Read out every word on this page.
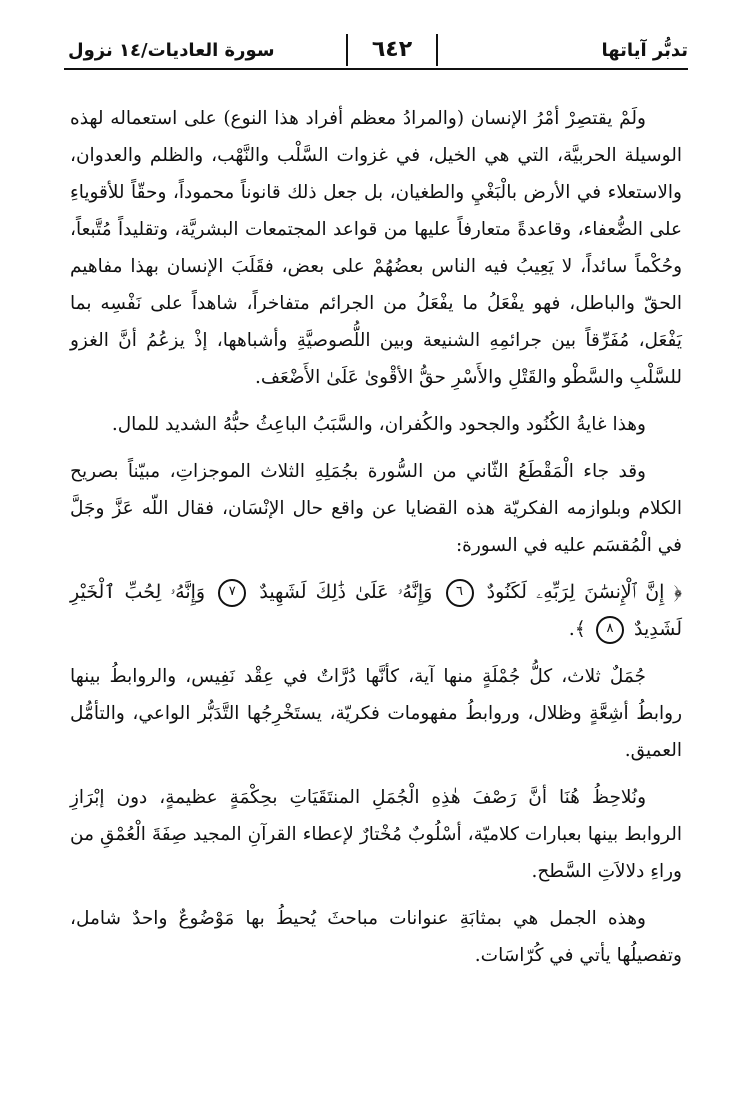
تدبُّر آياتها
٦٤٢
سورة العاديات/١٤ نزول

ولَمْ يقتصِرْ أمْرُ الإنسان (والمرادُ معظم أفراد هذا النوع) على استعماله لهذه الوسيلة الحربيَّة، التي هي الخيل، في غزوات السَّلْب والنَّهْب، والظلم والعدوان، والاستعلاء في الأرض بالْبَغْيِ والطغيان، بل جعل ذلك قانوناً محموداً، وحقّاً للأقوياءِ على الضُّعفاء، وقاعدةً متعارفاً عليها من قواعد المجتمعات البشريَّة، وتقليداً مُتَّبعاً، وحُكْماً سائداً، لا يَعِيبُ فيه الناس بعضُهُمْ على بعض، فقَلَبَ الإنسان بهذا مفاهيم الحقّ والباطل، فهو يفْعَلُ ما يفْعَلُ من الجرائم متفاخراً، شاهداً على نَفْسِه بما يَفْعَل، مُفَرِّقاً بين جرائمِهِ الشنيعة وبين اللُّصوصيَّةِ وأشباهها، إذْ يزعُمُ أنَّ الغزو للسَّلْبِ والسَّطْو والقَتْلِ والأَسْرِ حقُّ الأقْوىٰ عَلَىٰ الأَضْعَف.

وهذا غايةُ الكُنُود والجحود والكُفران، والسَّبَبُ الباعِثُ حبُّهُ الشديد للمال.

وقد جاء الْمَقْطَعُ الثّاني من السُّورة بجُمَلِهِ الثلاث الموجزاتِ، مبيّناً بصريح الكلام وبلوازمه الفكريّة هذه القضايا عن واقع حال الإنْسَان، فقال اللّه عَزَّ وجَلَّ في الْمُقسَم عليه في السورة:

﴿ إِنَّ ٱلْإِنسَٰنَ لِرَبِّهِۦ لَكَنُودٌ ٦ وَإِنَّهُۥ عَلَىٰ ذَٰلِكَ لَشَهِيدٌ ٧ وَإِنَّهُۥ لِحُبِّ ٱلْخَيْرِ لَشَدِيدٌ ٨ ﴾.

جُمَلٌ ثلاث، كلُّ جُمْلَةٍ منها آية، كأنَّها دُرَّاتٌ في عِقْد نَفِيس، والروابطُ بينها روابطُ أشِعَّةٍ وظلال، وروابطُ مفهومات فكريّة، يستَخْرِجُها التَّدَبُّر الواعي، والتأمُّل العميق.

ونُلاحِظُ هُنَا أنَّ رَصْفَ هٰذِهِ الْجُمَلِ المنتَقَيَاتِ بحِكْمَةٍ عظيمةٍ، دون إبْرَازِ الروابط بينها بعبارات كلاميّة، أسْلُوبٌ مُخْتارٌ لإعطاء القرآنِ المجيد صِفَةَ الْعُمْقِ من وراءِ دلالاَتِ السَّطح.

وهذه الجمل هي بمثابَةِ عنوانات مباحثَ يُحيطُ بها مَوْضُوعٌ واحدٌ شامل، وتفصيلُها يأتي في كُرّاسَات.
